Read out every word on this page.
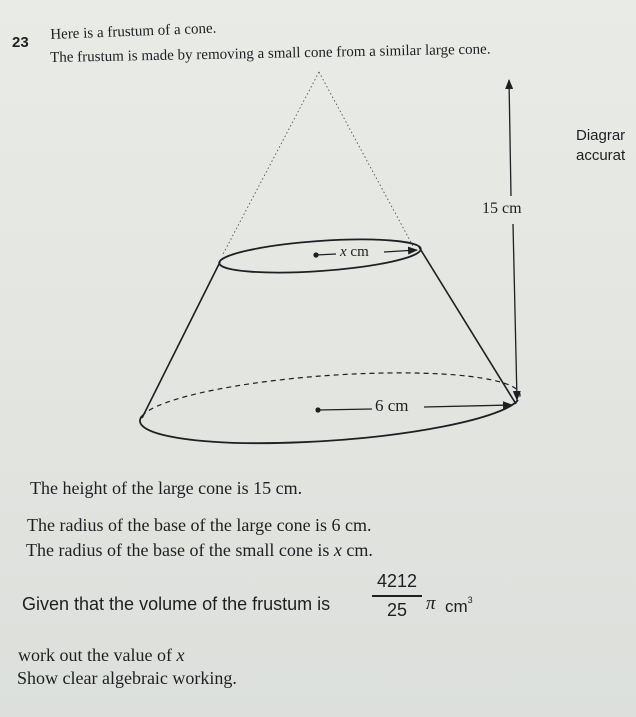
23 Here is a frustum of a cone.
The frustum is made by removing a small cone from a similar large cone.
Diagrar
accurat
15 cm
x cm
6 cm
The height of the large cone is 15 cm.
The radius of the base of the large cone is 6 cm.
The radius of the base of the small cone is x cm.
Given that the volume of the frustum is
4212
25 π $cm^3$
work out the value of x
Show clear algebraic working.
